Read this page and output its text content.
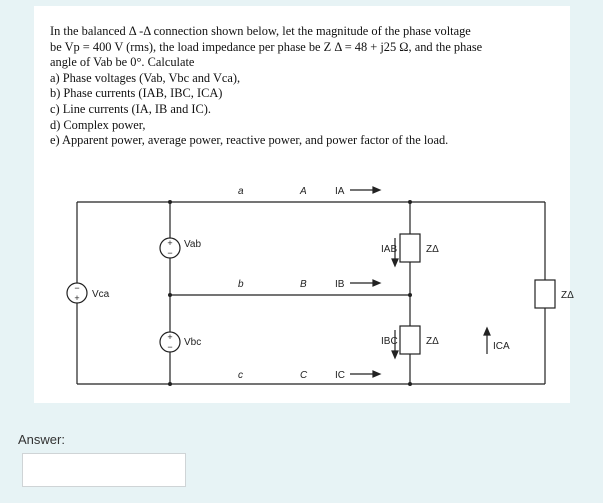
In the balanced Δ -Δ connection shown below, let the magnitude of the phase voltage
be Vp = 400 V (rms), the load impedance per phase be Z Δ = 48 + j25 Ω, and the phase
angle of Vab be 0°. Calculate
a) Phase voltages (Vab, Vbc and Vca),
b) Phase currents (IAB, IBC, ICA)
c) Line currents (IA, IB and IC).
d) Complex power,
e) Apparent power, average power, reactive power, and power factor of the load.
+
−
+
−
−
+
Vab
Vbc
Vca
ZΔ
ZΔ
ZΔ
a
b
c
A
B
C
IA
IB
IC
IAB
IBC	ICA
Answer:
